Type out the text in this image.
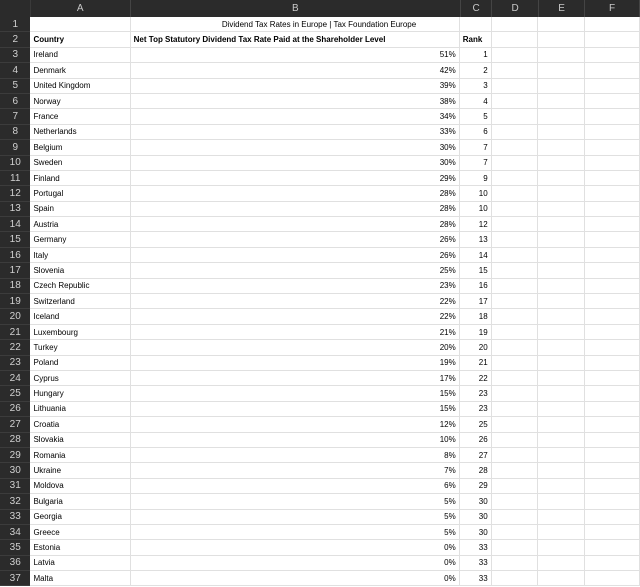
A	B	C	D	E	F
1
2	Country	Net Top Statutory Dividend Tax Rate Paid at the Shareholder Level	Rank
3	Ireland	51%	1
4	Denmark	42%	2
5	United Kingdom	39%	3
6	Norway	38%	4
7	France	34%	5
8	Netherlands	33%	6
9	Belgium	30%	7
10	Sweden	30%	7
11	Finland	29%	9
12	Portugal	28%	10
13	Spain	28%	10
14	Austria	28%	12
15	Germany	26%	13
16	Italy	26%	14
17	Slovenia	25%	15
18	Czech Republic	23%	16
19	Switzerland	22%	17
20	Iceland	22%	18
21	Luxembourg	21%	19
22	Turkey	20%	20
23	Poland	19%	21
24	Cyprus	17%	22
25	Hungary	15%	23
26	Lithuania	15%	23
27	Croatia	12%	25
28	Slovakia	10%	26
29	Romania	8%	27
30	Ukraine	7%	28
31	Moldova	6%	29
32	Bulgaria	5%	30
33	Georgia	5%	30
34	Greece	5%	30
35	Estonia	0%	33
36	Latvia	0%	33
37	Malta	0%	33
Dividend Tax Rates in Europe | Tax Foundation Europe
